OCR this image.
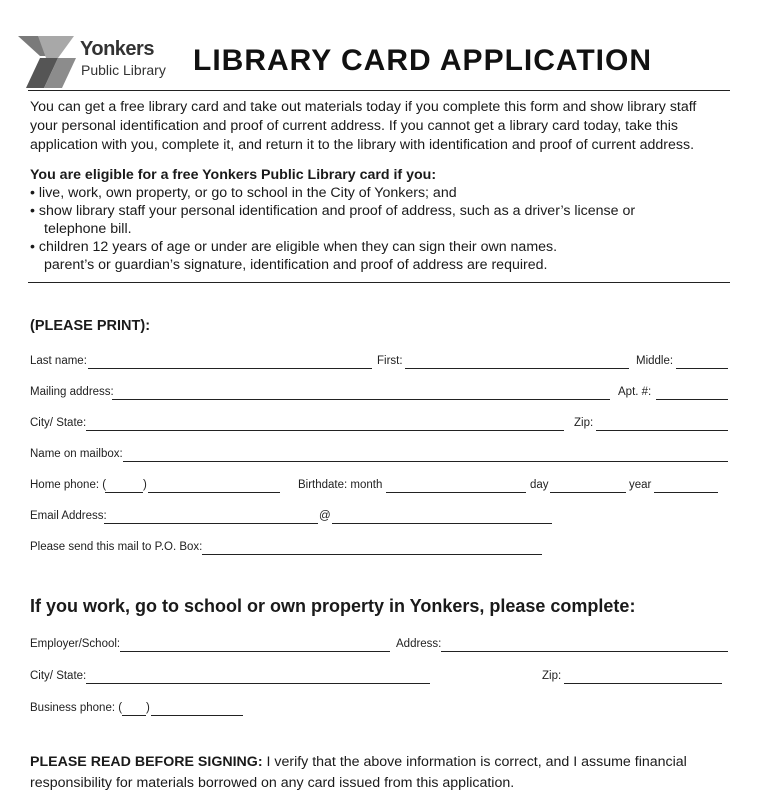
Yonkers
Public Library LIBRARY CARD APPLICATION
You can get a free library card and take out materials today if you complete this form and show library staff
your personal identification and proof of current address. If you cannot get a library card today, take this
application with you, complete it, and return it to the library with identification and proof of current address.
You are eligible for a free Yonkers Public Library card if you:
• live, work, own property, or go to school in the City of Yonkers; and
• show library staff your personal identification and proof of address, such as a driver’s license or
telephone bill.
• children 12 years of age or under are eligible when they can sign their own names.
parent’s or guardian’s signature, identification and proof of address are required.
(PLEASE PRINT):
Last name:	First:	Middle:
Mailing address:	Apt. #:
City/ State:	Zip:
Name on mailbox:
Home phone: (	)	Birthdate: month	day	year
Email Address:	@
Please send this mail to P.O. Box:
If you work, go to school or own property in Yonkers, please complete:
Employer/School:	Address:
City/ State:	Zip:
Business phone: ( )
PLEASE READ BEFORE SIGNING: I verify that the above information is correct, and I assume financial
responsibility for materials borrowed on any card issued from this application.
